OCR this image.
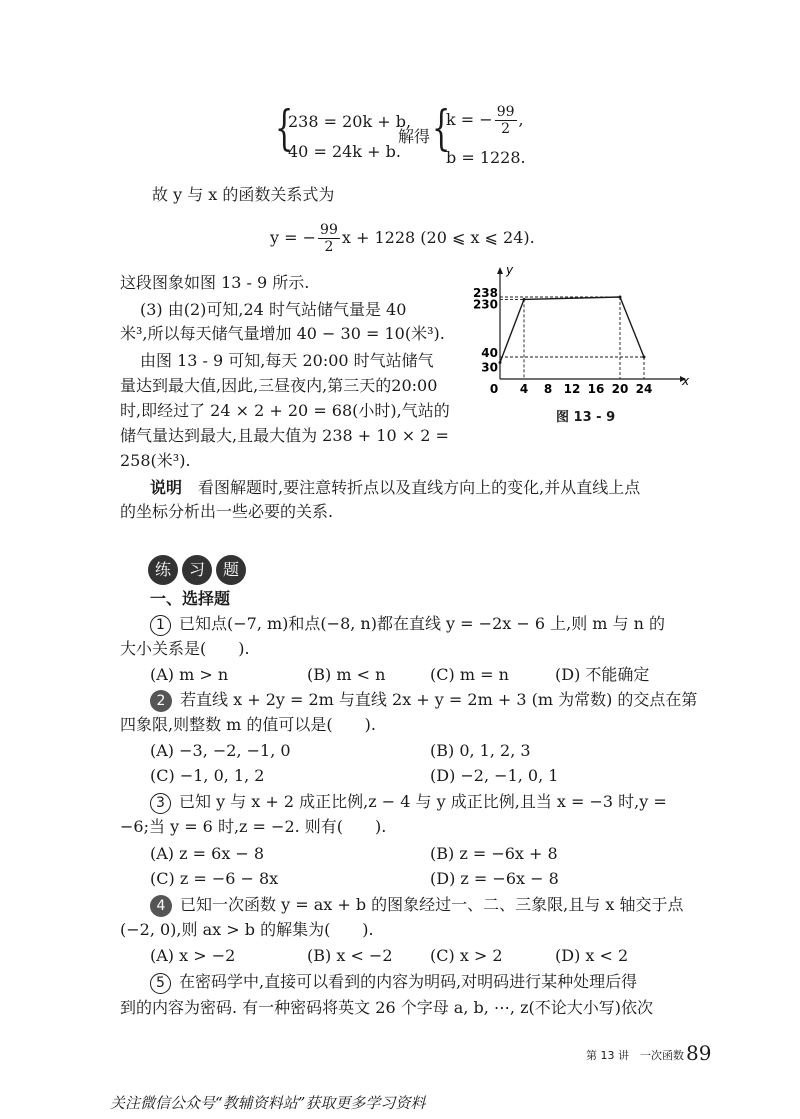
{
238 = 20k + b,
40 = 24k + b.
解得 {
k = − $\frac{99}{2}$ ,
b = 1228.
故 y 与 x 的函数关系式为
y = − $\frac{99}{2}$ x + 1228 (20 ⩽ x ⩽ 24).
这段图象如图 13 - 9 所示.
(3) 由(2)可知,24 时气站储气量是 40
米³,所以每天储气量增加 40 − 30 = 10(米³).
由图 13 - 9 可知,每天 20:00 时气站储气
量达到最大值,因此,三昼夜内,第三天的20:00
时,即经过了 24 × 2 + 20 = 68(小时),气站的
储气量达到最大,且最大值为 238 + 10 × 2 =
258(米³).
0 4 8 12 16 20 24
30
40
230
238
x
y
图 13 - 9
说明　 看图解题时,要注意转折点以及直线方向上的变化,并从直线上点
的坐标分析出一些必要的关系.
练 习 题
一、选择题
1 已知点(−7, m)和点(−8, n)都在直线 y = −2x − 6 上,则 m 与 n 的
大小关系是(　　).
(A) m > n	(B) m < n	(C) m = n	(D) 不能确定
2 若直线 x + 2y = 2m 与直线 2x + y = 2m + 3 (m 为常数) 的交点在第
四象限,则整数 m 的值可以是(　　).
(A) −3, −2, −1, 0	(B) 0, 1, 2, 3
(C) −1, 0, 1, 2	(D) −2, −1, 0, 1
3 已知 y 与 x + 2 成正比例,z − 4 与 y 成正比例,且当 x = −3 时,y =
−6;当 y = 6 时,z = −2. 则有(　　).
(A) z = 6x − 8	(B) z = −6x + 8
(C) z = −6 − 8x	(D) z = −6x − 8
4 已知一次函数 y = ax + b 的图象经过一、二、三象限,且与 x 轴交于点
(−2, 0),则 ax > b 的解集为(　　).
(A) x > −2	(B) x < −2 (C) x > 2	(D) x < 2
5 在密码学中,直接可以看到的内容为明码,对明码进行某种处理后得
到的内容为密码. 有一种密码将英文 26 个字母 a, b, ⋯, z(不论大小写)依次
第 13 讲　一次函数 89
关注微信公众号“教辅资料站”获取更多学习资料
